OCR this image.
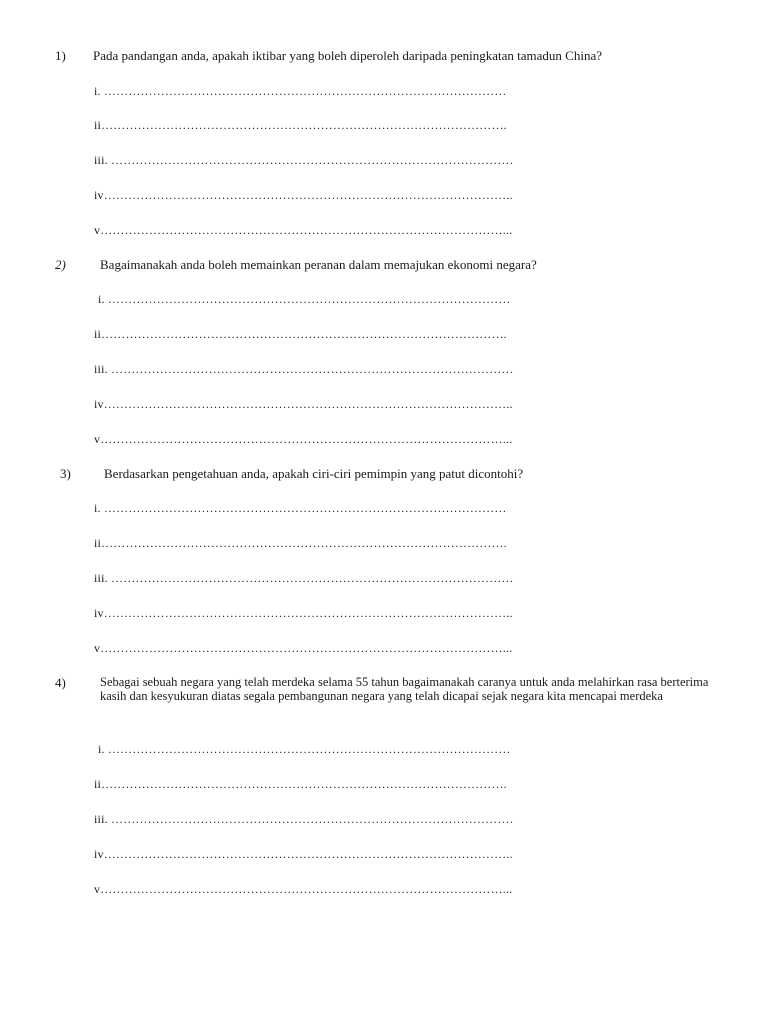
1) Pada pandangan anda, apakah iktibar yang boleh diperoleh daripada peningkatan tamadun China?
i. ………………………………………………………………………………………
ii……………………………………………………………………………………….
iii. ………………………………………………………………………………………
iv………………………………………………………………………………………..
v………………………………………………………………………………………...
2)	Bagaimanakah anda boleh memainkan peranan dalam memajukan ekonomi negara?
i. ………………………………………………………………………………………
ii……………………………………………………………………………………….
iii. ………………………………………………………………………………………
iv………………………………………………………………………………………..
v………………………………………………………………………………………...
3)	Berdasarkan pengetahuan anda, apakah ciri-ciri pemimpin yang patut dicontohi?
i. ………………………………………………………………………………………
ii……………………………………………………………………………………….
iii. ………………………………………………………………………………………
iv………………………………………………………………………………………..
v………………………………………………………………………………………...
4)	Sebagai sebuah negara yang telah merdeka selama 55 tahun bagaimanakah caranya untuk anda melahirkan rasa berterima kasih dan kesyukuran diatas segala pembangunan negara yang telah dicapai sejak negara kita mencapai merdeka
i. ………………………………………………………………………………………
ii……………………………………………………………………………………….
iii. ………………………………………………………………………………………
iv………………………………………………………………………………………..
v………………………………………………………………………………………...
